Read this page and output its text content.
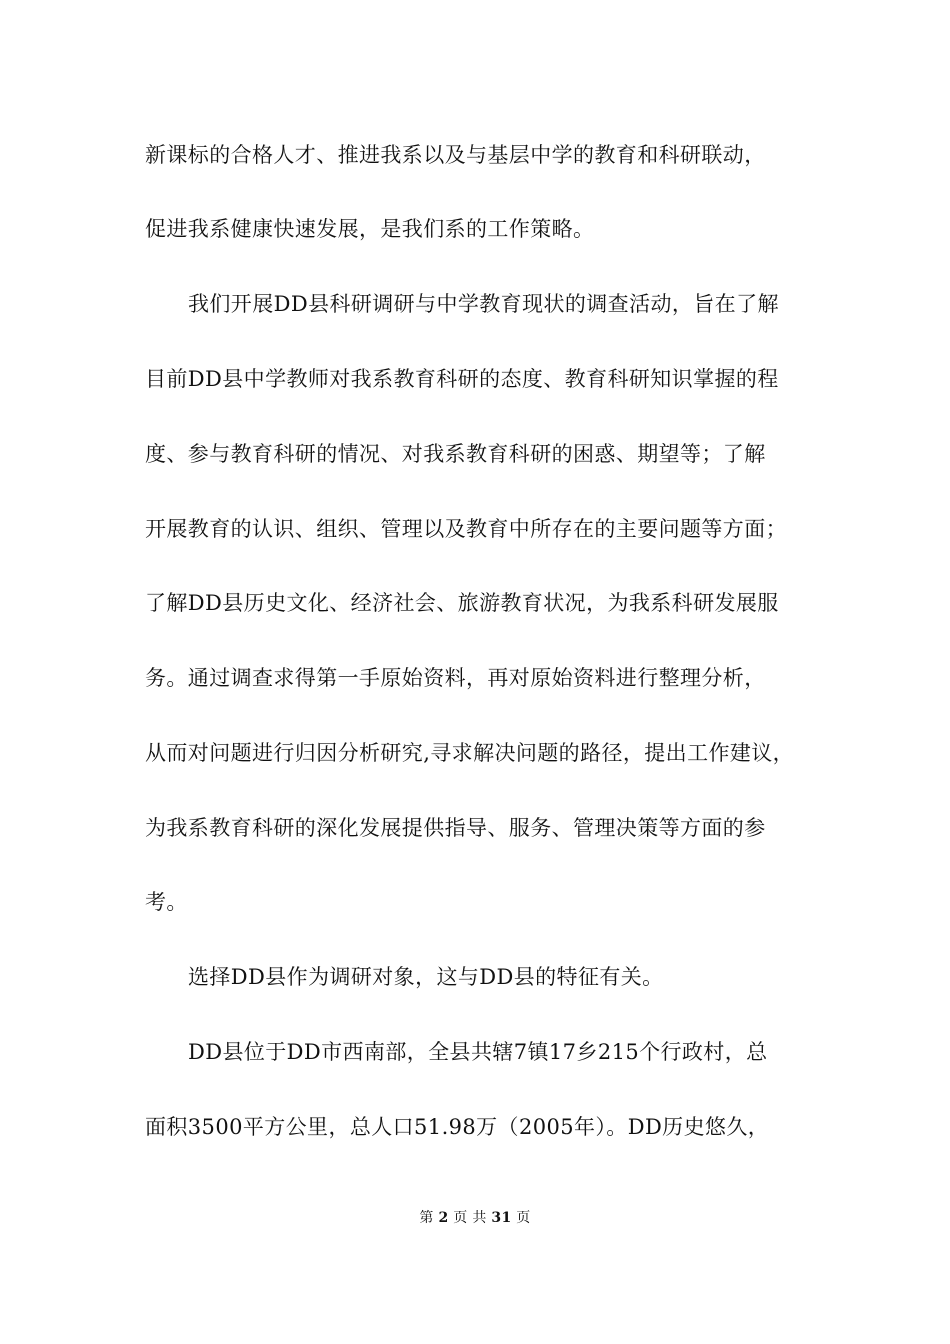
新课标的合格人才、推进我系以及与基层中学的教育和科研联动，
促进我系健康快速发展，是我们系的工作策略。
我们开展DD县科研调研与中学教育现状的调查活动，旨在了解
目前DD县中学教师对我系教育科研的态度、教育科研知识掌握的程
度、参与教育科研的情况、对我系教育科研的困惑、期望等；了解
开展教育的认识、组织、管理以及教育中所存在的主要问题等方面；
了解DD县历史文化、经济社会、旅游教育状况，为我系科研发展服
务。通过调查求得第一手原始资料，再对原始资料进行整理分析，
从而对问题进行归因分析研究,寻求解决问题的路径，提出工作建议，
为我系教育科研的深化发展提供指导、服务、管理决策等方面的参
考。
选择DD县作为调研对象，这与DD县的特征有关。
DD县位于DD市西南部，全县共辖7镇17乡215个行政村，总
面积3500平方公里，总人口51.98万（2005年）。DD历史悠久，
第 2 页 共 31 页
